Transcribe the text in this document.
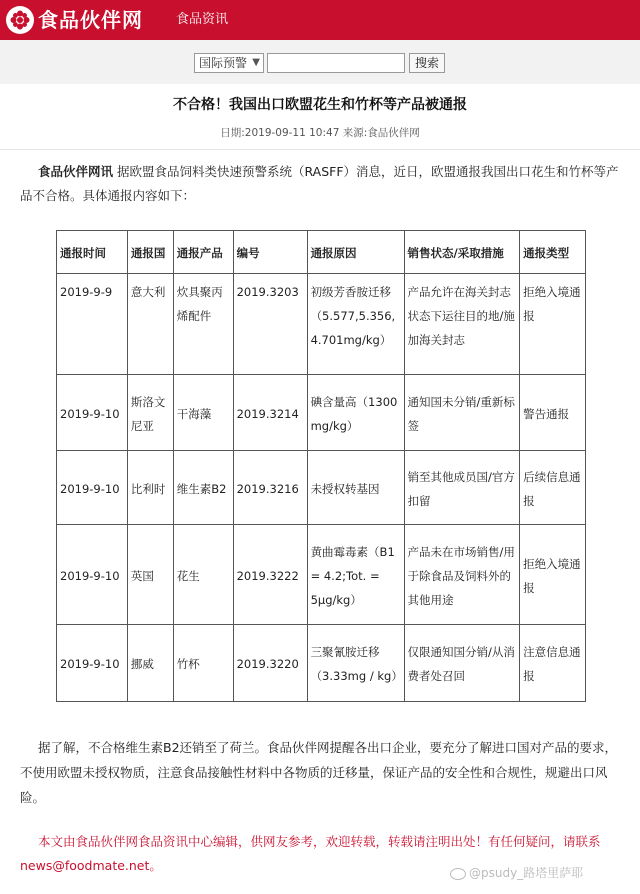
食品伙伴网	食品资讯
国际预警 ▼	搜索
不合格！我国出口欧盟花生和竹杯等产品被通报
日期:2019-09-11 10:47 来源:食品伙伴网
食品伙伴网讯 据欧盟食品饲料类快速预警系统（RASFF）消息，近日，欧盟通报我国出口花生和竹杯等产品不合格。具体通报内容如下：
通报时间	通报国	通报产品	编号	通报原因	销售状态/采取措施	通报类型
2019-9-9	意大利	炊具聚丙烯配件	2019.3203	初级芳香胺迁移（5.577,5.356, 4.701mg/kg）	产品允许在海关封志状态下运往目的地/施加海关封志	拒绝入境通报
2019-9-10	斯洛文尼亚	干海藻	2019.3214	碘含量高（1300 mg/kg）	通知国未分销/重新标签	警告通报
2019-9-10	比利时	维生素B2	2019.3216	未授权转基因	销至其他成员国/官方扣留	后续信息通报
2019-9-10	英国	花生	2019.3222	黄曲霉毒素（B1 = 4.2;Tot. = 5μg/kg）	产品未在市场销售/用于除食品及饲料外的其他用途	拒绝入境通报
2019-9-10	挪威	竹杯	2019.3220	三聚氰胺迁移（3.33mg / kg）	仅限通知国分销/从消费者处召回	注意信息通报
据了解，不合格维生素B2还销至了荷兰。食品伙伴网提醒各出口企业，要充分了解进口国对产品的要求，不使用欧盟未授权物质，注意食品接触性材料中各物质的迁移量，保证产品的安全性和合规性，规避出口风险。
本文由食品伙伴网食品资讯中心编辑，供网友参考，欢迎转载，转载请注明出处！有任何疑问，请联系news@foodmate.net。	@psudy_路塔里萨耶
